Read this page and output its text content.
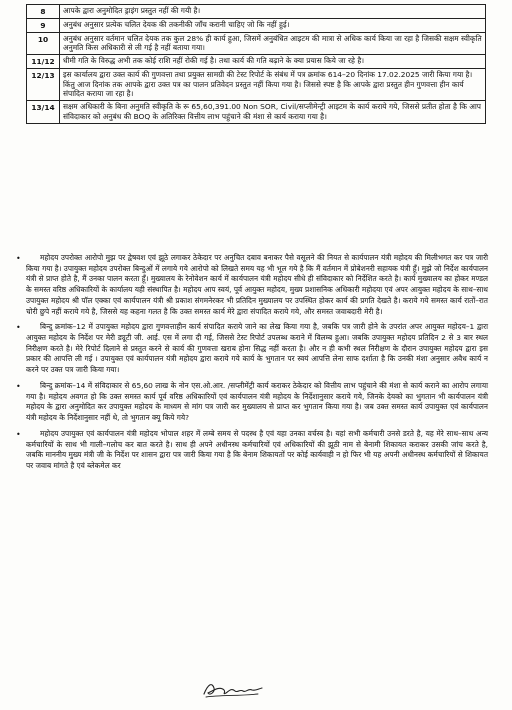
8	आपके द्वारा अनुमोदित ड्राइंग प्रस्तुत नहीं की गयी है।
9	अनुबंध अनुसार प्रत्येक चलित देयक की तकनीकी जाँच करानी चाहिए जो कि नहीं हुई।
10	अनुबंध अनुसार वर्तमान चलित देयक तक कुल 28% ही कार्य हुआ, जिसमें अनुबंधित आइटम की मात्रा से अधिक कार्य किया जा रहा है जिसकी सक्षम स्वीकृति अनुमति किस अधिकारी से ली गई है नहीं बताया गया।
11/12	धीमी गति के विरुद्ध अभी तक कोई राशि नहीं रोकी गई है। तथा कार्य की गति बढ़ाने के क्या प्रयास किये जा रहे है।
12/13	इस कार्यालय द्वारा उक्त कार्य की गुणवत्ता तथा प्रयुक्त सामग्री की टेस्ट रिपोर्ट के संबंध में पत्र क्रमांक 614–20 दिनांक 17.02.2025 जारी किया गया है। किंतु आज दिनांक तक आपके द्वारा उक्त पत्र का पालन प्रतिवेदन प्रस्तुत नहीं किया गया है। जिससे स्पष्ट है कि आपके द्वारा प्रस्तुत हीन गुणवत्ता हीन कार्य संपादित कराया जा रहा है।
13/14	सक्षम अधिकारी के बिना अनुमति स्वीकृति के रू 65,60,391.00 Non SOR, Civil/सप्लीमेन्ट्री आइटम के कार्य कराये गये, जिससे प्रतीत होता है कि आप संविदाकार को अनुबंध की BOQ के अतिरिक्त वित्तीय लाभ पहुंचाने की मंशा से कार्य कराया गया है।

•	महोदय उपरोक्त आरोपो मुझ पर द्वेषवश एवं झूठे लगाकर ठेकेदार पर अनुचित दबाव बनाकर पैसे वसूलने की नियत से कार्यपालन यंत्री महोदय की मिलीभगत कर पत्र जारी किया गया है। उपायुक्त महोदय उपरोक्त बिन्दुओं में लगाये गये आरोपो को लिखते समय यह भी भूल गये है कि मैं वर्तमान में प्रोबेशनरी सहायक यंत्री हूँ। मुझे जो निर्देश कार्यपालन यंत्री से प्राप्त होते है, मैं उनका पालन करता हूँ। मुख्यालय के रेनोवेशन कार्य में कार्यपालन यंत्री महोदय सीधे ही संविदाकार को निर्देशित करते है। कार्य मुख्यालय का होकर मण्डल के समस्त वरिष्ठ अधिकारियों के कार्यालय यही संस्थापित है। महोदय आप स्वयं, पूर्व आयुक्त महोदय, मुख्य प्रशासनिक अधिकारी महोदया एवं अपर आयुक्त महोदय के साथ–साथ उपायुक्त महोदय श्री पॉल एक्का एवं कार्यपालन यंत्री श्री प्रकाश संगमनेरकर भी प्रतिदिन मुख्यालय पर उपस्थित होकर कार्य की प्रगति देखते है। कराये गये समस्त कार्य रातों–रात चोरी छुपे नहीं कराये गये है, जिससे यह कहना गलत है कि उक्त समस्त कार्य मेरे द्वारा संपादित कराये गये, और समस्त जवाबदारी मेरी है।

•	बिन्दु क्रमांक–12 में उपायुक्त महोदय द्वारा गुणवत्ताहीन कार्य संपादित कराये जाने का लेख किया गया है, जबकि पत्र जारी होने के उपरांत अपर आयुक्त महोदय–1 द्वारा आयुक्त महोदय के निर्देश पर मेरी ड्यूटी जी. आई. एस में लगा दी गई, जिससे टेस्ट रिपोर्ट उपलब्ध कराने में विलम्ब हुआ। जबकि उपायुक्त महोदय प्रतिदिन 2 से 3 बार स्थल निरीक्षण करते है। मेरे रिपोर्ट दिलाने से प्रस्तुत करने से कार्य की गुणवत्ता खराब होना सिद्ध नहीं करता है। और न ही कभी स्थल निरीक्षण के दौरान उपायुक्त महोदय द्वारा इस प्रकार की आपत्ति ली गई । उपायुक्त एवं कार्यपालन यंत्री महोदय द्वारा कराये गये कार्य के भुगतान पर स्वयं आपत्ति लेना साफ दर्शाता है कि उनकी मंशा अनुसार अवैध कार्य न करने पर उक्त पत्र जारी किया गया।

•	बिन्दु क्रमांक–14 में संविदाकार से 65,60 लाख के नोन एस.ओ.आर. /सप्लीमेंट्री कार्य कराकर ठेकेदार को वित्तीय लाभ पहुंचाने की मंशा से कार्य कराने का आरोप लगाया गया है। महोदय अवगत हो कि उक्त समस्त कार्य पूर्व वरिष्ठ अधिकारियों एवं कार्यपालन यंत्री महोदय के निर्देशानुसार कराये गये, जिनके देयको का भुगतान भी कार्यपालन यंत्री महोदय के द्वारा अनुमोदित कर उपायुक्त महोदय के माध्यम से मांग पत्र जारी कर मुख्यालय से प्राप्त कर भुगतान किया गया है। जब उक्त समस्त कार्य उपायुक्त एवं कार्यपालन यंत्री महोदय के निर्देशानुसार नहीं थे, तो भुगतान क्यू किये गये?

•	महोदय उपायुक्त एवं कार्यपालन यंत्री महोदय भोपाल शहर में लम्बे समय से पदस्थ है एवं यहा उनका वर्चस्व है। यहां सभी कर्मचारी उनसे डरते है, यह मेरे साथ–साथ अन्य कर्मचारियों के साथ भी गाली–गलोच कर बात करते है। साथ ही अपने अधीनस्थ कर्मचारियों एवं अधिकारियों की झूठी नाम से बेनामी शिकायत कराकर उसकी जांच करते है, जबकि माननीय मुख्य मंत्री जी के निर्देश पर शासन द्वारा पत्र जारी किया गया है कि बेनाम शिकायतों पर कोई कार्यवाही न हो फिर भी यह अपनी अधीनस्थ कर्मचारियों से शिकायत पर जवाब मांगते है एवं ब्लेकमेल कर
